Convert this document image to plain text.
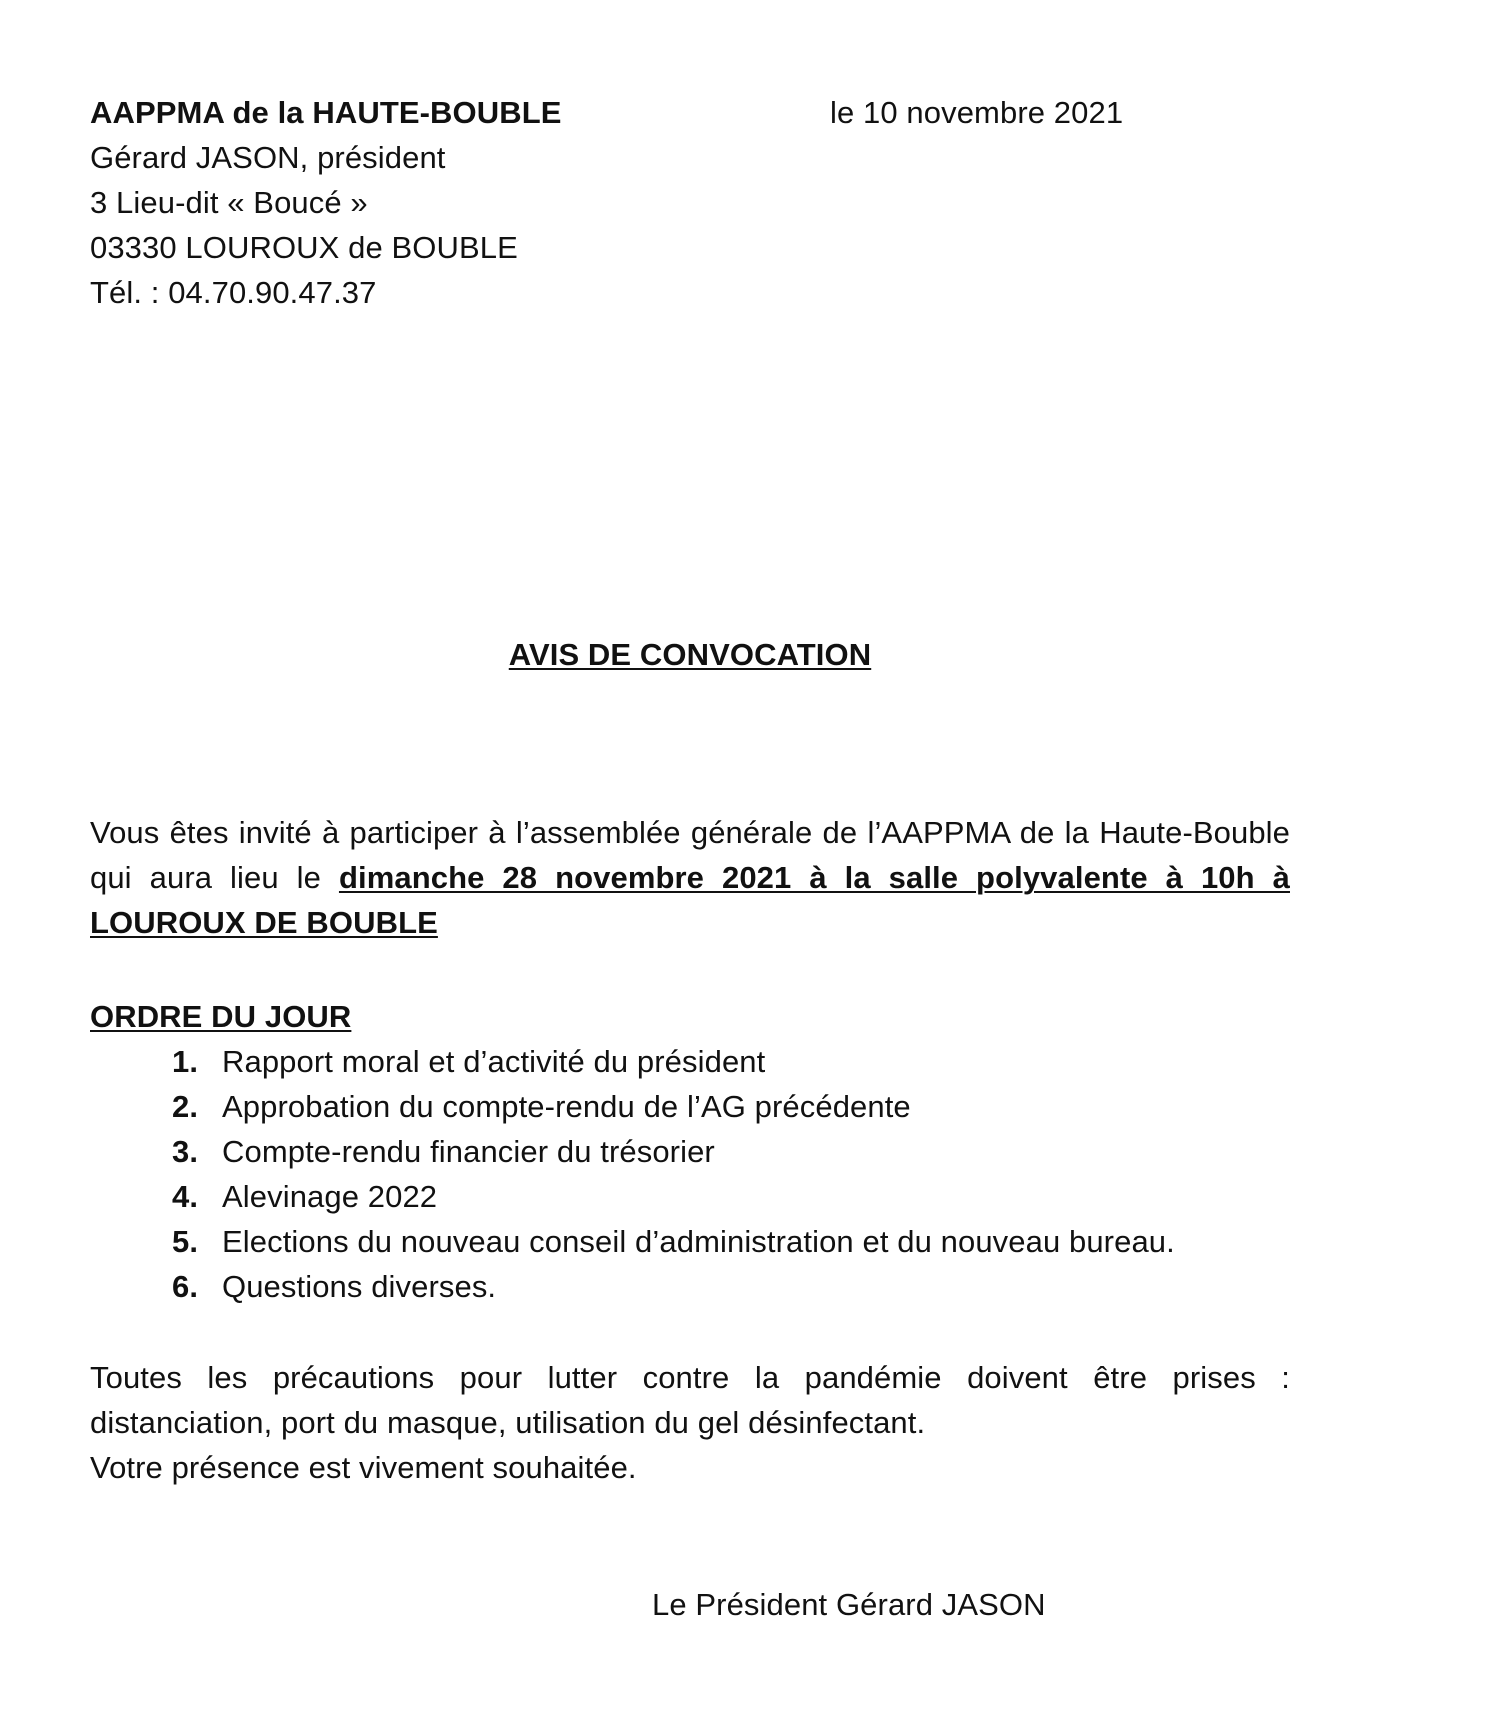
AAPPMA de la HAUTE-BOUBLE
Gérard JASON, président
3 Lieu-dit « Boucé »
03330 LOUROUX de BOUBLE
Tél. : 04.70.90.47.37
le 10 novembre 2021
AVIS DE CONVOCATION
Vous êtes invité à participer à l’assemblée générale de l’AAPPMA de la Haute-Bouble qui aura lieu le dimanche 28 novembre 2021 à la salle polyvalente à 10h à LOUROUX DE BOUBLE
ORDRE DU JOUR
1. Rapport moral et d’activité du président
2. Approbation du compte-rendu de l’AG précédente
3. Compte-rendu financier du trésorier
4. Alevinage 2022
5. Elections du nouveau conseil d’administration et du nouveau bureau.
6. Questions diverses.
Toutes les précautions pour lutter contre la pandémie doivent être prises : distanciation, port du masque, utilisation du gel désinfectant.
Votre présence est vivement souhaitée.
Le Président Gérard JASON
